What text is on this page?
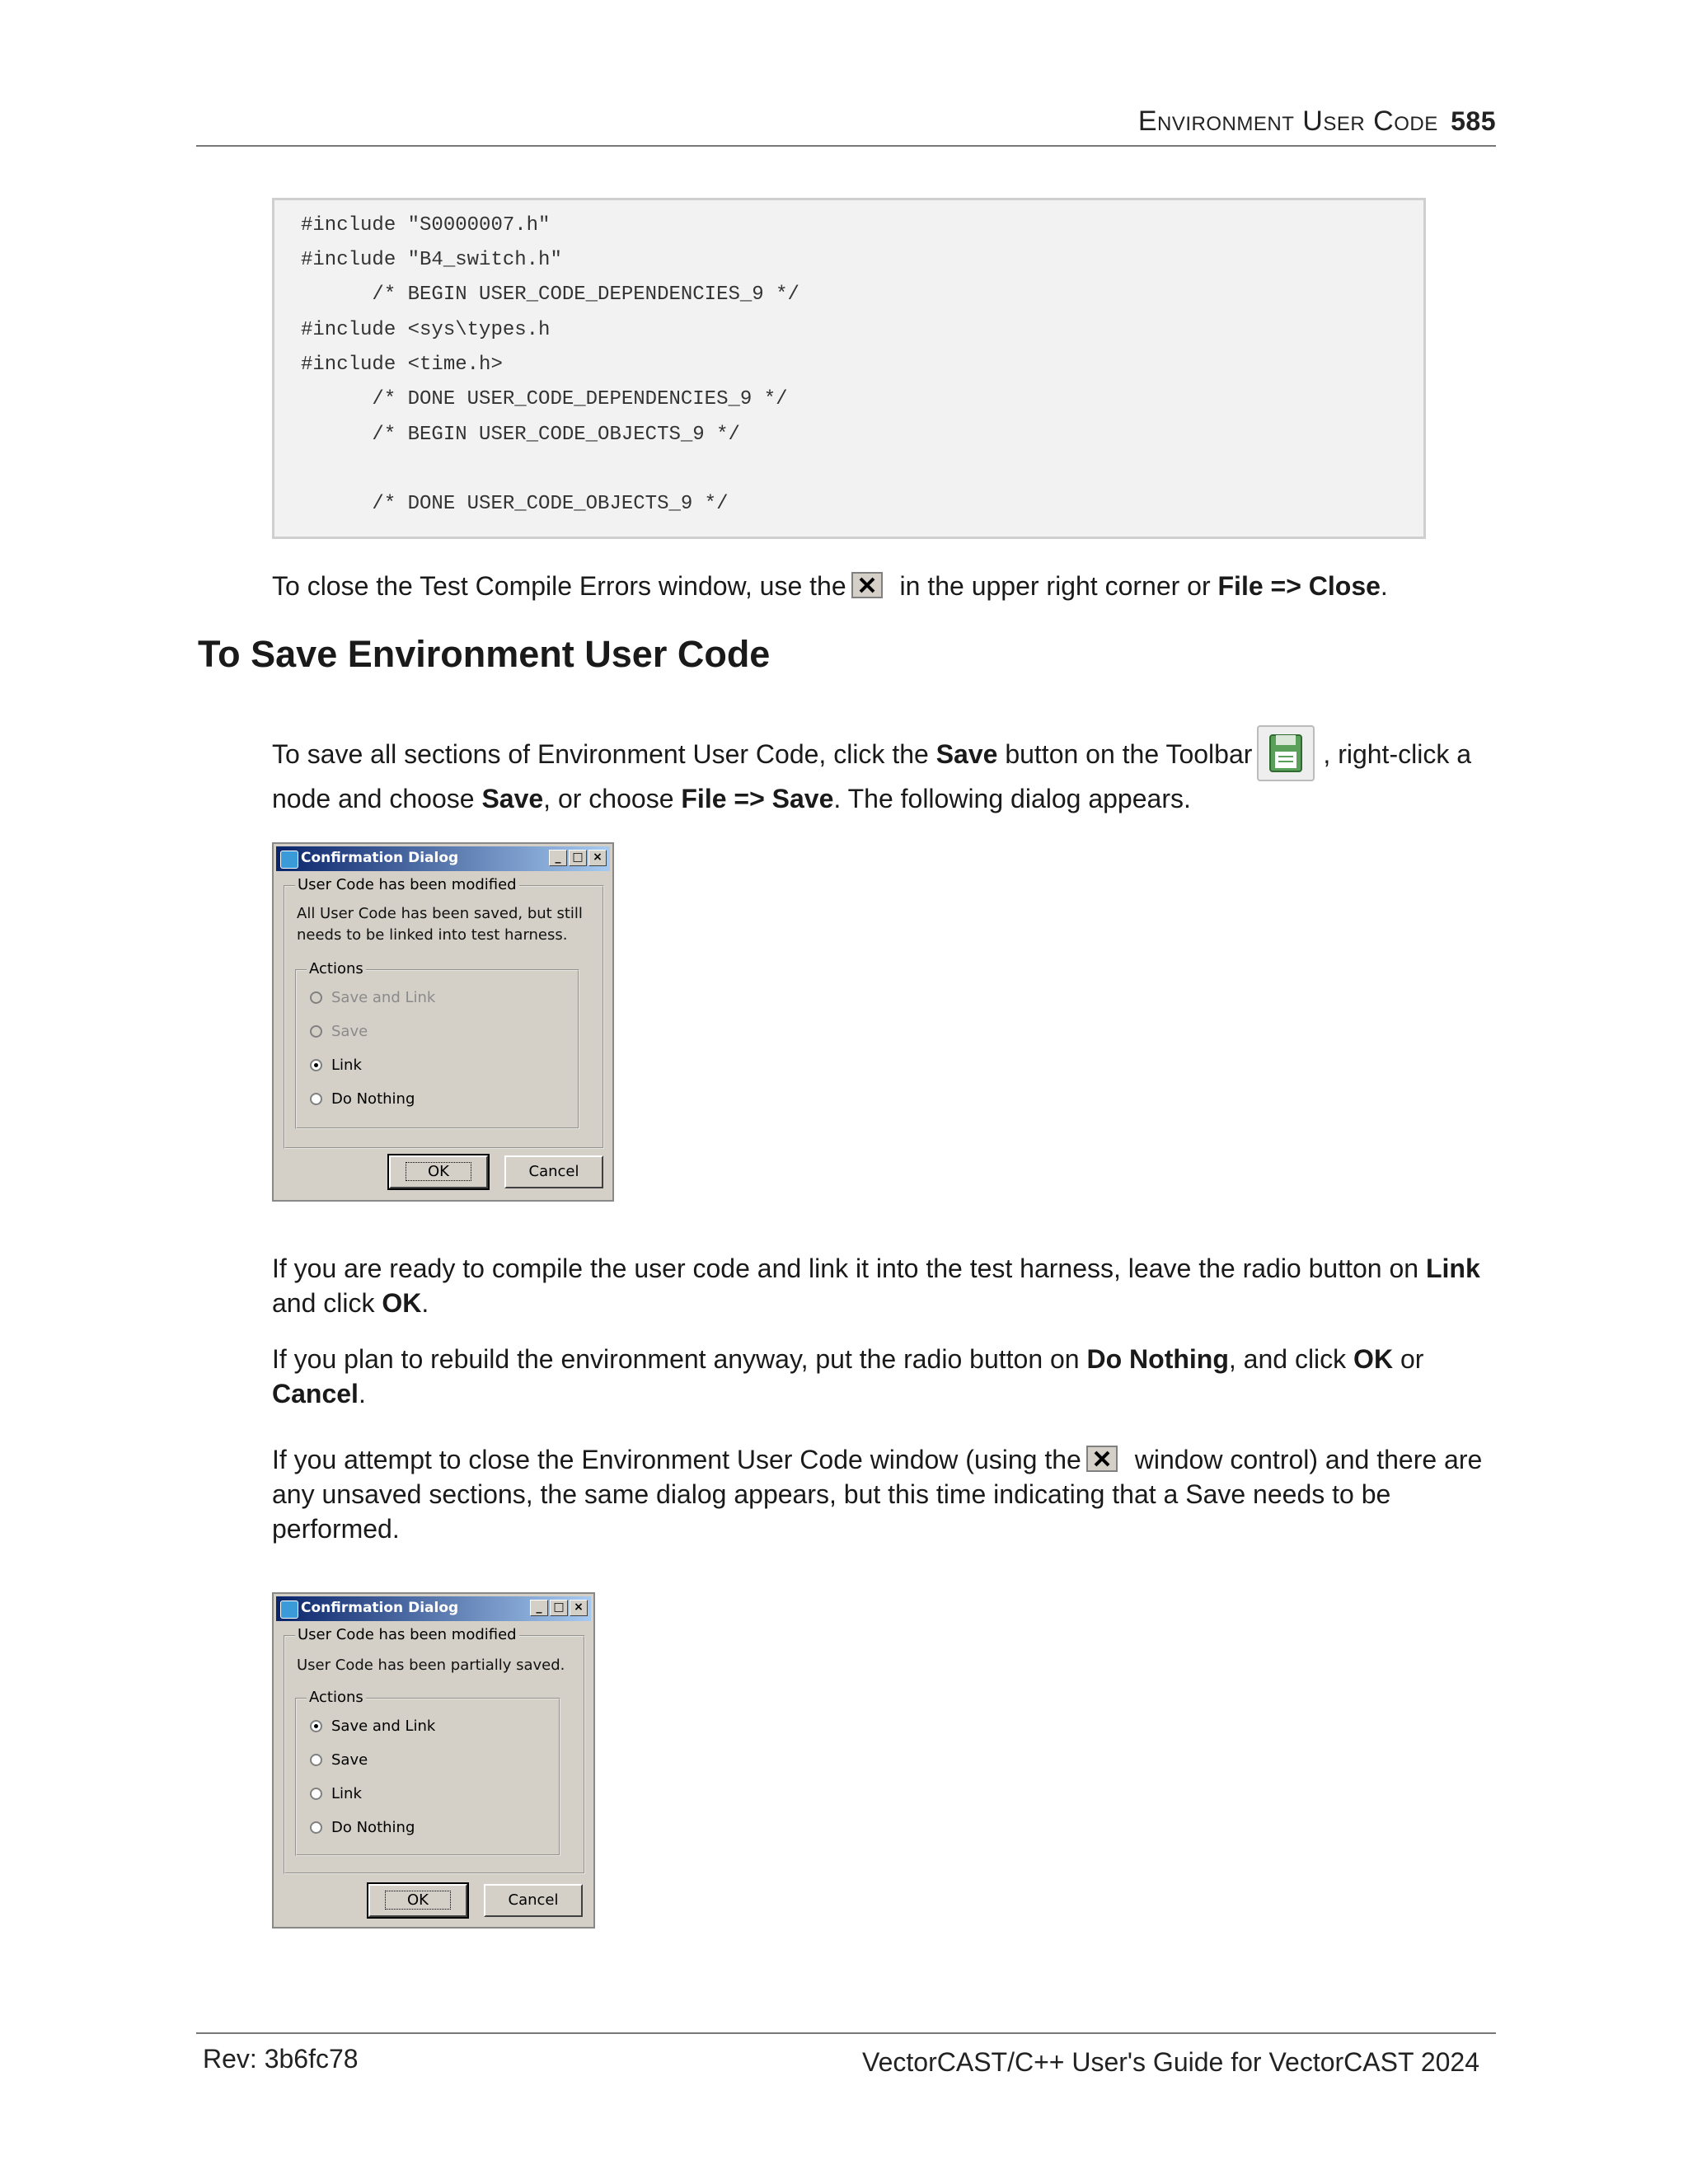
Environment User Code 585
#include "S0000007.h"
#include "B4_switch.h"
/* BEGIN USER_CODE_DEPENDENCIES_9 */
#include <sys\types.h
#include <time.h>
/* DONE USER_CODE_DEPENDENCIES_9 */
/* BEGIN USER_CODE_OBJECTS_9 */
/* DONE USER_CODE_OBJECTS_9 */
To close the Test Compile Errors window, use the in the upper right corner or File => Close.
To Save Environment User Code
To save all sections of Environment User Code, click the Save button on the Toolbar	, right-click a node and choose Save, or choose File => Save. The following dialog appears.
Confirmation Dialog	_ □ ×
User Code has been modified
All User Code has been saved, but still needs to be linked into test harness.
Actions
Save and Link
Save
Link
Do Nothing
OK	Cancel
If you are ready to compile the user code and link it into the test harness, leave the radio button on Link and click OK.
If you plan to rebuild the environment anyway, put the radio button on Do Nothing, and click OK or Cancel.
If you attempt to close the Environment User Code window (using the window control) and there are any unsaved sections, the same dialog appears, but this time indicating that a Save needs to be performed.
Confirmation Dialog	_ □ ×
User Code has been modified
User Code has been partially saved.
Actions
Save and Link
Save
Link
Do Nothing
OK	Cancel
Rev: 3b6fc78	VectorCAST/C++ User's Guide for VectorCAST 2024
